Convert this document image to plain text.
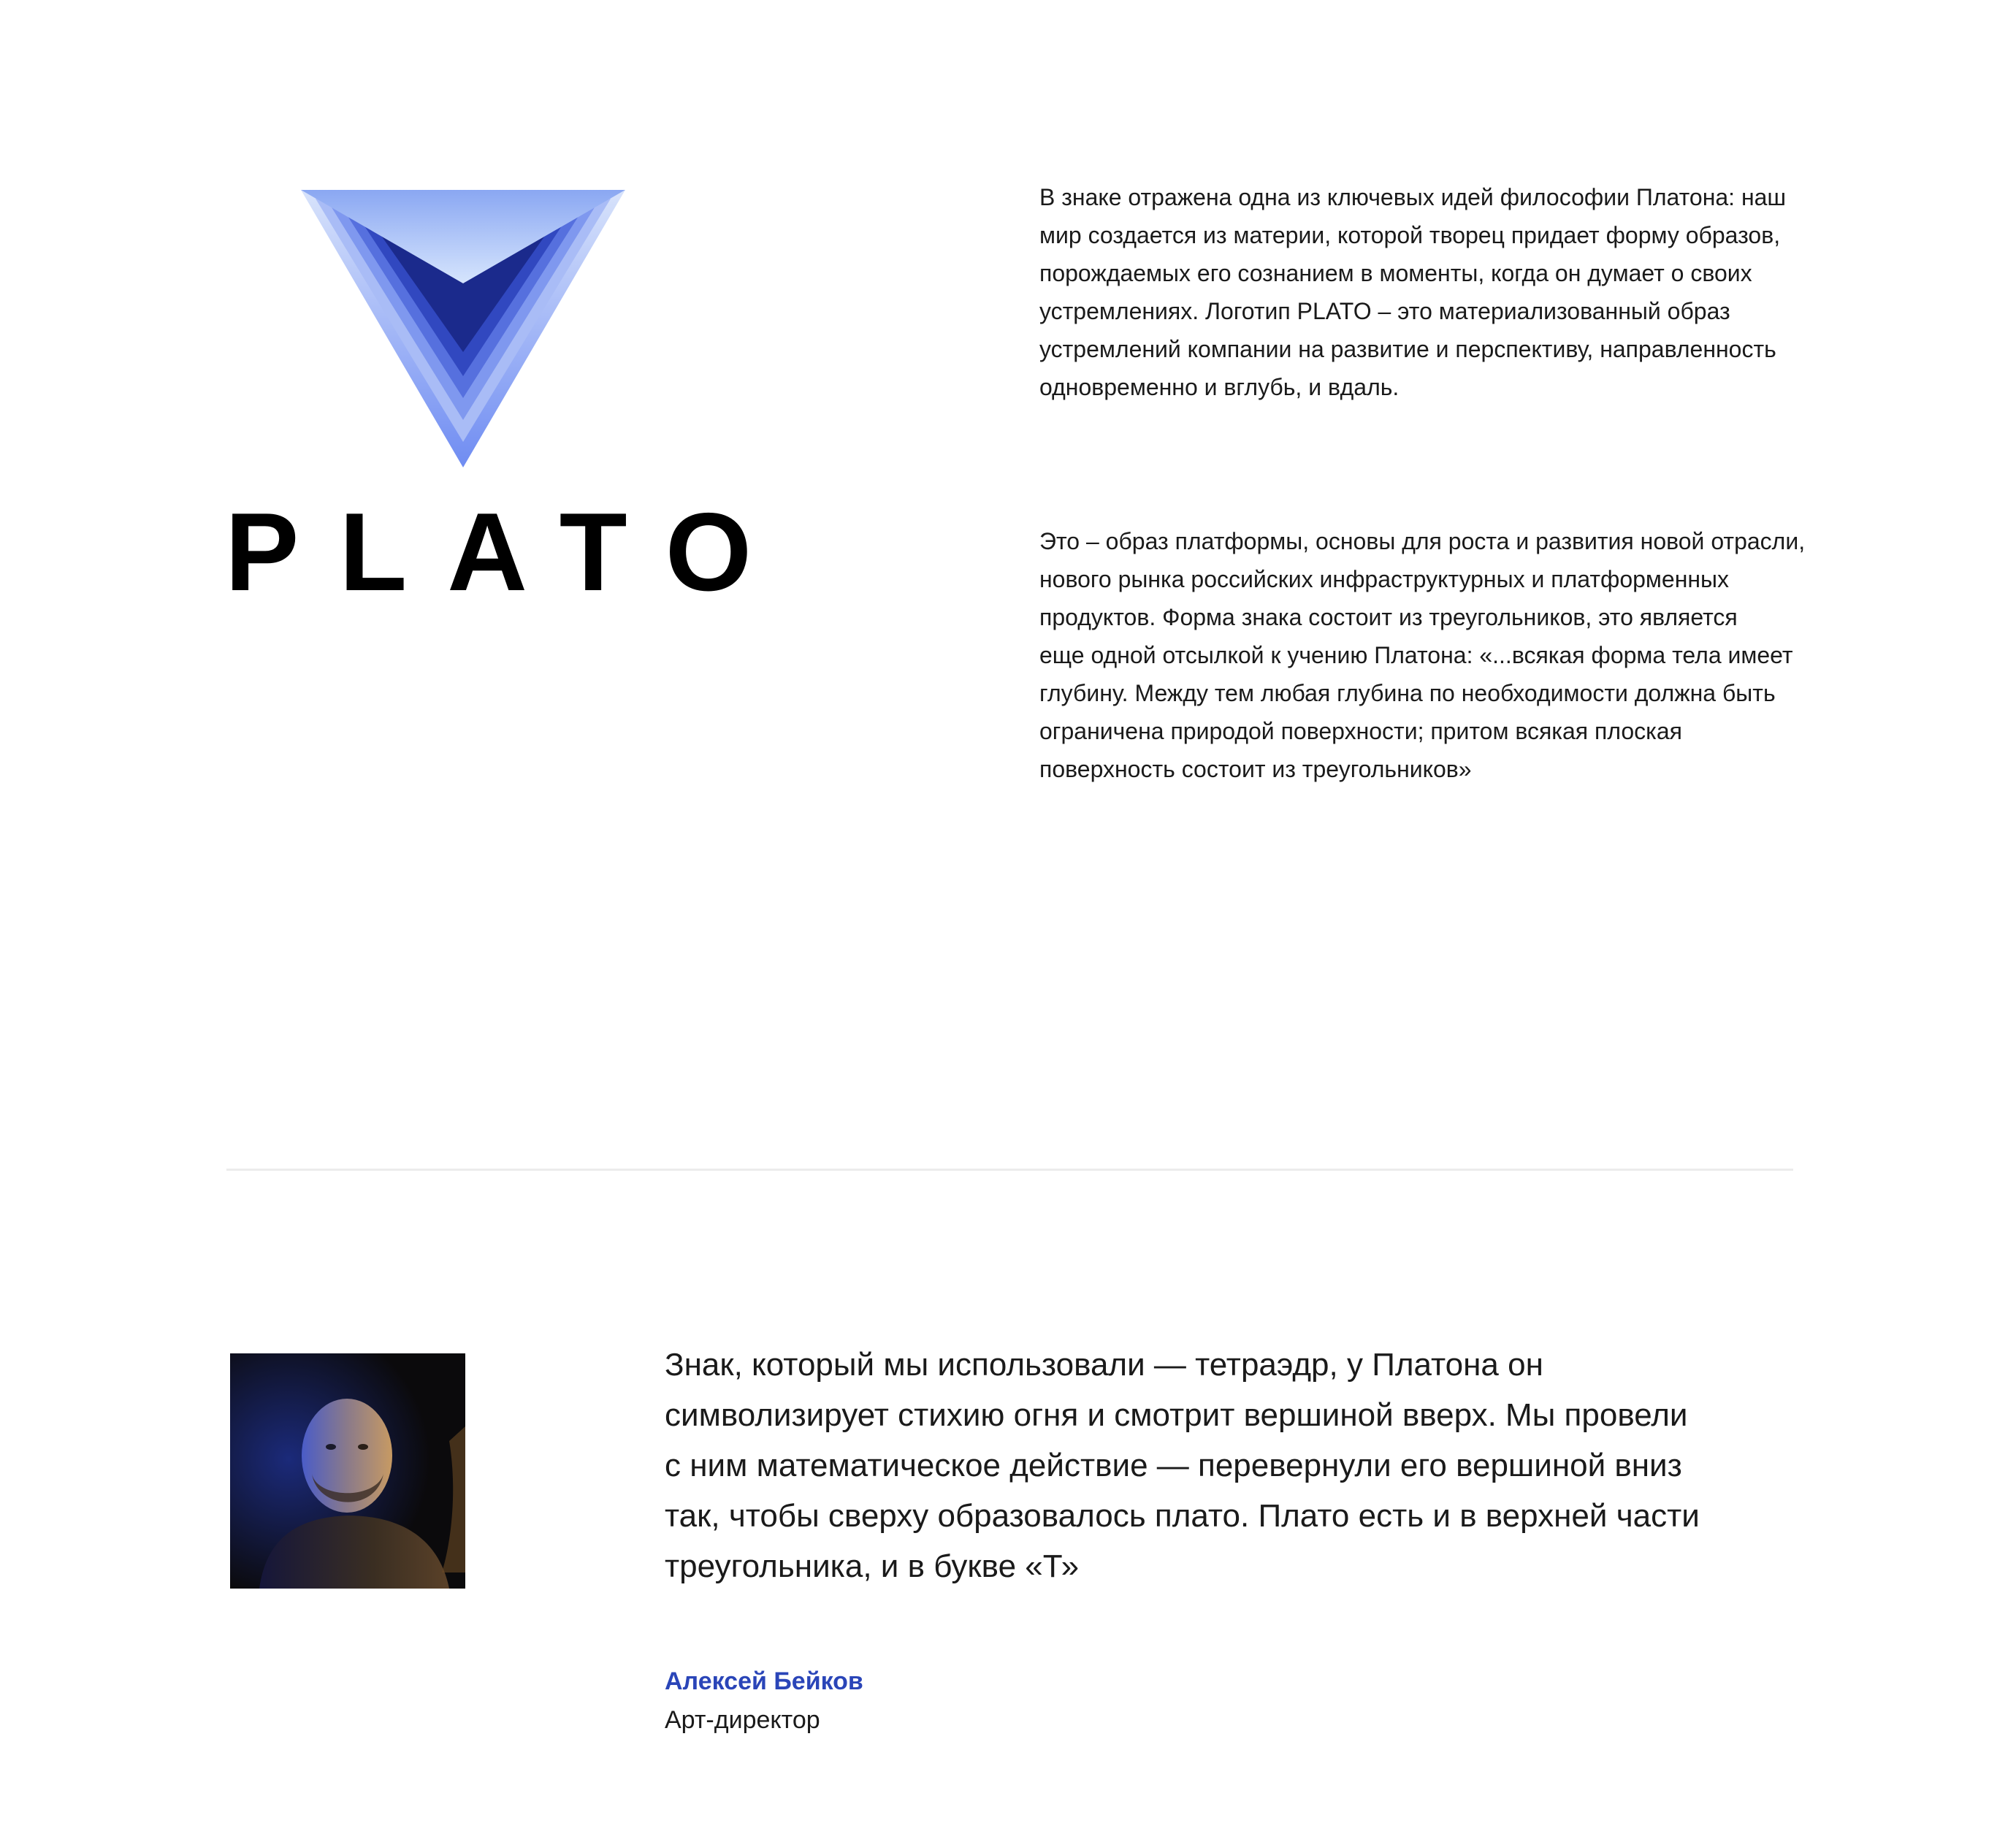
PLATO

В знаке отражена одна из ключевых идей философии Платона: наш
мир создается из материи, которой творец придает форму образов,
порождаемых его сознанием в моменты, когда он думает о своих
устремлениях. Логотип PLATO – это материализованный образ
устремлений компании на развитие и перспективу, направленность
одновременно и вглубь, и вдаль.

Это – образ платформы, основы для роста и развития новой отрасли,
нового рынка российских инфраструктурных и платформенных
продуктов. Форма знака состоит из треугольников, это является
еще одной отсылкой к учению Платона: «...всякая форма тела имеет
глубину. Между тем любая глубина по необходимости должна быть
ограничена природой поверхности; притом всякая плоская
поверхность состоит из треугольников»

Знак, который мы использовали — тетраэдр, у Платона он
символизирует стихию огня и смотрит вершиной вверх. Мы провели
с ним математическое действие — перевернули его вершиной вниз
так, чтобы сверху образовалось плато. Плато есть и в верхней части
треугольника, и в букве «Т»

Алексей Бейков
Арт-директор
